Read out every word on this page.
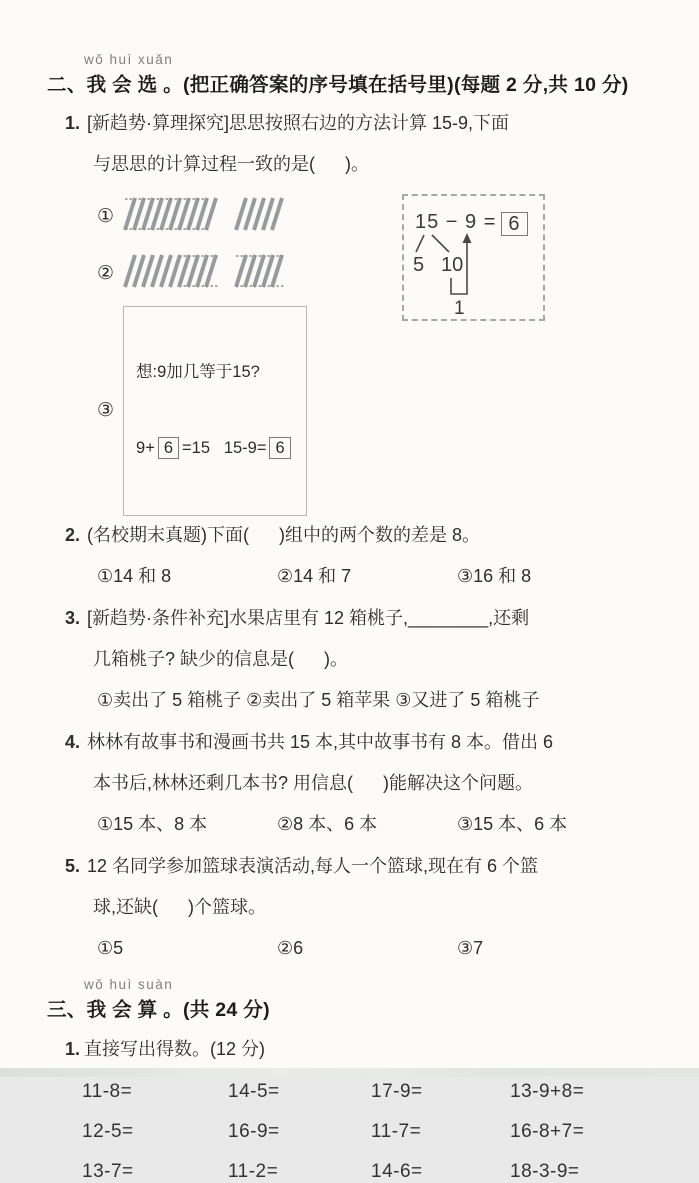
wǒ huì xuǎn
二、我 会 选 。(把正确答案的序号填在括号里)(每题 2 分,共 10 分)
1. [新趋势·算理探究]思思按照右边的方法计算 15-9,下面
与思思的计算过程一致的是(      )。
①
②
③

想:9加几等于15?

9+ 6 =15 15-9= 6

15 − 9 = 6
5 10
1
2. (名校期末真题)下面(      )组中的两个数的差是 8。
①14 和 8	②14 和 7	③16 和 8
3. [新趋势·条件补充]水果店里有 12 箱桃子,________,还剩
几箱桃子? 缺少的信息是(      )。
①卖出了 5 箱桃子 ②卖出了 5 箱苹果 ③又进了 5 箱桃子
4. 林林有故事书和漫画书共 15 本,其中故事书有 8 本。借出 6
本书后,林林还剩几本书? 用信息(      )能解决这个问题。
①15 本、8 本	②8 本、6 本	③15 本、6 本
5. 12 名同学参加篮球表演活动,每人一个篮球,现在有 6 个篮
球,还缺(      )个篮球。
①5	②6	③7
wǒ huì suàn
三、我 会 算 。(共 24 分)
1. 直接写出得数。(12 分)
11-8=	14-5=	17-9=	13-9+8=
12-5=	16-9=	11-7=	16-8+7=
13-7=	11-2=	14-6=	18-3-9=
